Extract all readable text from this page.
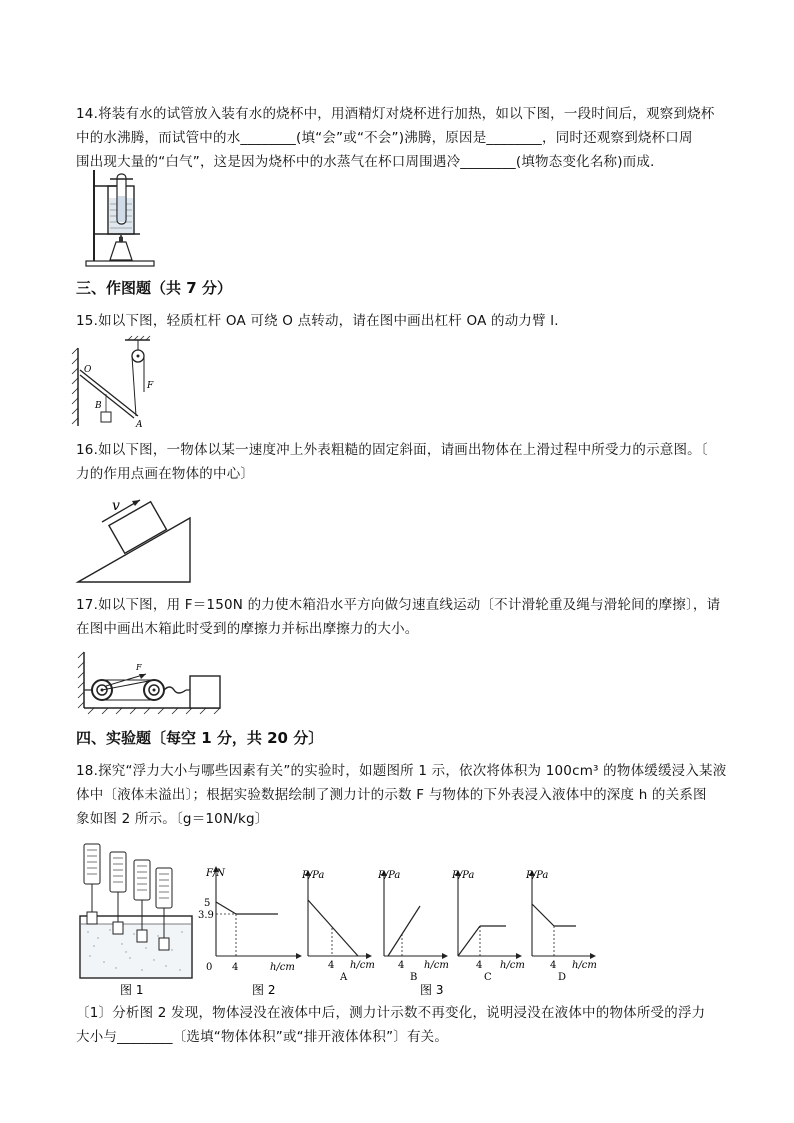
14.将装有水的试管放入装有水的烧杯中，用酒精灯对烧杯进行加热，如以下图，一段时间后，观察到烧杯
中的水沸腾，而试管中的水________(填“会”或“不会”)沸腾，原因是________，同时还观察到烧杯口周
围出现大量的“白气”，这是因为烧杯中的水蒸气在杯口周围遇冷________(填物态变化名称)而成．
三、作图题（共 7 分）
15.如以下图，轻质杠杆 OA 可绕 O 点转动，请在图中画出杠杆 OA 的动力臂 l.
O
B
A
F
16.如以下图，一物体以某一速度冲上外表粗糙的固定斜面，请画出物体在上滑过程中所受力的示意图。〔
力的作用点画在物体的中心〕
v
17.如以下图，用 F＝150N 的力使木箱沿水平方向做匀速直线运动〔不计滑轮重及绳与滑轮间的摩擦〕，请
在图中画出木箱此时受到的摩擦力并标出摩擦力的大小。
F
四、实验题〔每空 1 分，共 20 分〕
18.探究“浮力大小与哪些因素有关”的实验时，如题图所 1 示，依次将体积为 100cm³ 的物体缓缓浸入某液
体中〔液体未溢出〕；根据实验数据绘制了测力计的示数 F 与物体的下外表浸入液体中的深度 h 的关系图
象如图 2 所示。〔g＝10N/kg〕
图 1
F/N
5
3.9
0 4	h/cm
图 2
P/Pa
4 h/cm
A
P/Pa
4 h/cm
B
P/Pa
4 h/cm
C
图 3
P/Pa
4 h/cm
D
〔1〕分析图 2 发现，物体浸没在液体中后，测力计示数不再变化，说明浸没在液体中的物体所受的浮力
大小与________〔选填“物体体积”或“排开液体体积”〕有关。
